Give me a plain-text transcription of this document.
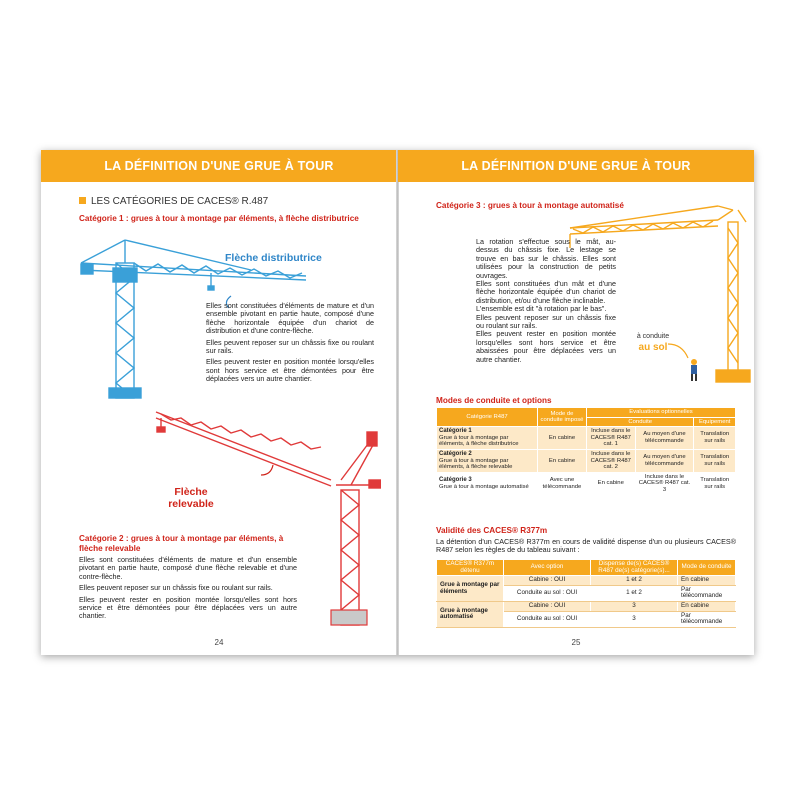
LA DÉFINITION D'UNE GRUE À TOUR
LES CATÉGORIES DE CACES® R.487
Catégorie 1 : grues à tour à montage par éléments, à flèche distributrice
Flèche distributrice

Elles sont constituées d'éléments de mature et d'un ensemble pivotant en partie haute, composé d'une flèche horizontale équipée d'un chariot de distribution et d'une contre-flèche.

Elles peuvent reposer sur un châssis fixe ou roulant sur rails.

Elles peuvent rester en position montée lorsqu'elles sont hors service et être démontées pour être déplacées vers un autre chantier.

Flèche relevable
Catégorie 2 : grues à tour à montage par éléments, à flèche relevable

Elles sont constituées d'éléments de mature et d'un ensemble pivotant en partie haute, composé d'une flèche relevable et d'une contre-flèche.

Elles peuvent reposer sur un châssis fixe ou roulant sur rails.

Elles peuvent rester en position montée lorsqu'elles sont hors service et être démontées pour être déplacées vers un autre chantier.

24
LA DÉFINITION D'UNE GRUE À TOUR
Catégorie 3 : grues à tour à montage automatisé

La rotation s'effectue sous le mât, au-dessus du châssis fixe. Le lestage se trouve en bas sur le châssis. Elles sont utilisées pour la construction de petits ouvrages.

Elles sont constituées d'un mât et d'une flèche horizontale équipée d'un chariot de distribution, et/ou d'une flèche inclinable.

L'ensemble est dit "à rotation par le bas".

Elles peuvent reposer sur un châssis fixe ou roulant sur rails.

Elles peuvent rester en position montée lorsqu'elles sont hors service et être abaissées pour être déplacées vers un autre chantier.

à conduite
au sol
Modes de conduite et options
Catégorie R487	Mode de conduite imposé	Evaluations optionnelles		
		Conduite		Equipement

Catégorie 1
Grue à tour à montage par éléments, à flèche distributrice	En cabine	Incluse dans le CACES® R487 cat. 1	Au moyen d'une télécommande	Translation sur rails

Catégorie 2
Grue à tour à montage par éléments, à flèche relevable	En cabine	Incluse dans le CACES® R487 cat. 2	Au moyen d'une télécommande	Translation sur rails

Catégorie 3
Grue à tour à montage automatisé	Avec une télécommande	En cabine	Incluse dans le CACES® R487 cat. 3	Translation sur rails
Validité des CACES® R377m

La détention d'un CACES® R377m en cours de validité dispense d'un ou plusieurs CACES® R487 selon les règles de du tableau suivant :

CACES® R377m détenu	Avec option	Dispense de(s) CACES® R487 de(s) catégorie(s)...	Mode de conduite
Grue à montage par éléments	Cabine : OUI	1 et 2	En cabine
	Conduite au sol : OUI	1 et 2	Par télécommande
Grue à montage automatisé	Cabine : OUI	3	En cabine
	Conduite au sol : OUI	3	Par télécommande
25
